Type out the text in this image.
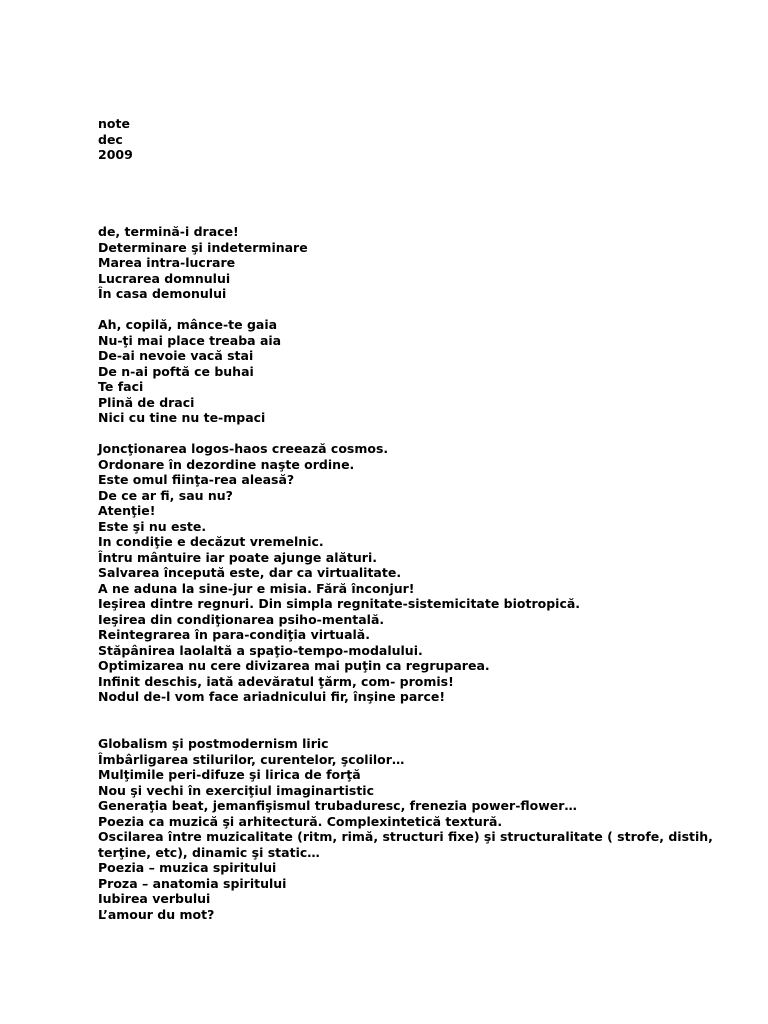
note
dec
2009
de, termină-i drace!
Determinare şi indeterminare
Marea intra-lucrare
Lucrarea domnului
În casa demonului
Ah, copilă, mânce-te gaia
Nu-ţi mai place treaba aia
De-ai nevoie vacă stai
De n-ai poftă ce buhai
Te faci
Plină de draci
Nici cu tine nu te-mpaci
Joncţionarea logos-haos creează cosmos.
Ordonare în dezordine naşte ordine.
Este omul fiinţa-rea aleasă?
De ce ar fi, sau nu?
Atenţie!
Este şi nu este.
In condiţie e decăzut vremelnic.
Întru mântuire iar poate ajunge alături.
Salvarea începută este, dar ca virtualitate.
A ne aduna la sine-jur e misia. Fără înconjur!
Ieşirea dintre regnuri. Din simpla regnitate-sistemicitate biotropică.
Ieşirea din condiţionarea psiho-mentală.
Reintegrarea în para-condiţia virtuală.
Stăpânirea laolaltă a spaţio-tempo-modalului.
Optimizarea nu cere divizarea mai puţin ca regruparea.
Infinit deschis, iată adevăratul ţărm, com- promis!
Nodul de-l vom face ariadnicului fir, înşine parce!
Globalism şi postmodernism liric
Îmbârligarea stilurilor, curentelor, şcolilor…
Mulţimile peri-difuze şi lirica de forţă
Nou şi vechi în exerciţiul imaginartistic
Generaţia beat, jemanfişismul trubaduresc, frenezia power-flower…
Poezia ca muzică şi arhitectură. Complexintetică textură.
Oscilarea între muzicalitate (ritm, rimă, structuri fixe) şi structuralitate ( strofe, distih, terţine, etc), dinamic şi static…
Poezia – muzica spiritului
Proza – anatomia spiritului
Iubirea verbului
L’amour du mot?
